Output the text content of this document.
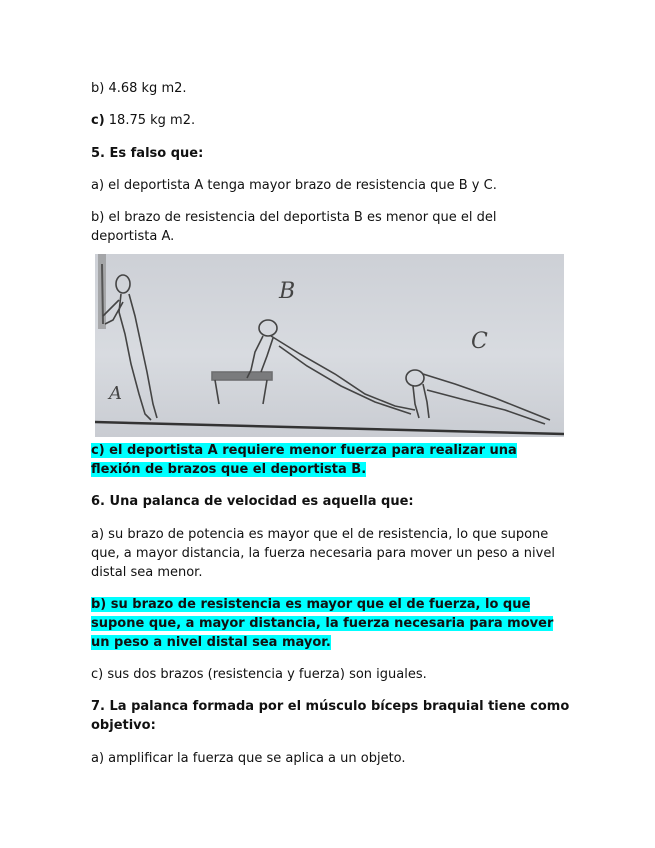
b) 4.68 kg m2.
c) 18.75 kg m2.
5. Es falso que:
a) el deportista A tenga mayor brazo de resistencia que B y C.
b) el brazo de resistencia del deportista B es menor que el del
deportista A.
c) el deportista A requiere menor fuerza para realizar una
flexión de brazos que el deportista B.
6. Una palanca de velocidad es aquella que:
a) su brazo de potencia es mayor que el de resistencia, lo que supone
que, a mayor distancia, la fuerza necesaria para mover un peso a nivel
distal sea menor.
b) su brazo de resistencia es mayor que el de fuerza, lo que
supone que, a mayor distancia, la fuerza necesaria para mover
un peso a nivel distal sea mayor.
c) sus dos brazos (resistencia y fuerza) son iguales.
7. La palanca formada por el músculo bíceps braquial tiene como
objetivo:
a) amplificar la fuerza que se aplica a un objeto.
A
B
C
